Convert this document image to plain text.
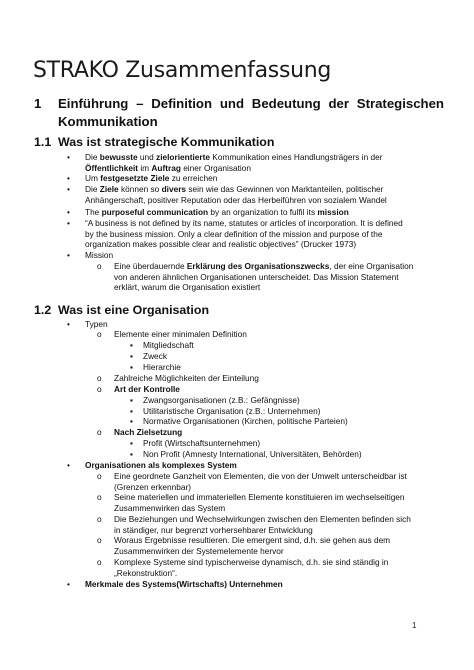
STRAKO Zusammenfassung
1	Einführung – Definition und Bedeutung der Strategischen Kommunikation
1.1 Was ist strategische Kommunikation
• Die bewusste und zielorientierte Kommunikation eines Handlungsträgers in der Öffentlichkeit im Auftrag einer Organisation
• Um festgesetzte Ziele zu erreichen
• Die Ziele können so divers sein wie das Gewinnen von Marktanteilen, politischer Anhängerschaft, positiver Reputation oder das Herbeiführen von sozialem Wandel
• The purposeful communication by an organization to fulfil its mission
• “A business is not defined by its name, statutes or articles of incorporation. It is defined by the business mission. Only a clear definition of the mission and purpose of the organization makes possible clear and realistic objectives” (Drucker 1973)
• Mission
o Eine überdauernde Erklärung des Organisationszwecks, der eine Organisation von anderen ähnlichen Organisationen unterscheidet. Das Mission Statement erklärt, warum die Organisation existiert
1.2 Was ist eine Organisation
• Typen
o Elemente einer minimalen Definition
▪ Mitgliedschaft
▪ Zweck
▪ Hierarchie
o Zahlreiche Möglichkeiten der Einteilung
o Art der Kontrolle
▪ Zwangsorganisationen (z.B.: Gefängnisse)
▪ Utilitaristische Organisation (z.B.: Unternehmen)
▪ Normative Organisationen (Kirchen, politische Parteien)
o Nach Zielsetzung
▪ Profit (Wirtschaftsunternehmen)
▪ Non Profit (Amnesty International, Universitäten, Behörden)
• Organisationen als komplexes System
o Eine geordnete Ganzheit von Elementen, die von der Umwelt unterscheidbar ist (Grenzen erkennbar)
o Seine materiellen und immateriellen Elemente konstituieren im wechselseitigen Zusammenwirken das System
o Die Beziehungen und Wechselwirkungen zwischen den Elementen befinden sich in ständiger, nur begrenzt vorhersehbarer Entwicklung
o Woraus Ergebnisse resultieren. Die emergent sind, d.h. sie gehen aus dem Zusammenwirken der Systemelemente hervor
o Komplexe Systeme sind typischerweise dynamisch, d.h. sie sind ständig in „Rekonstruktion“.
• Merkmale des Systems(Wirtschafts) Unternehmen
1
